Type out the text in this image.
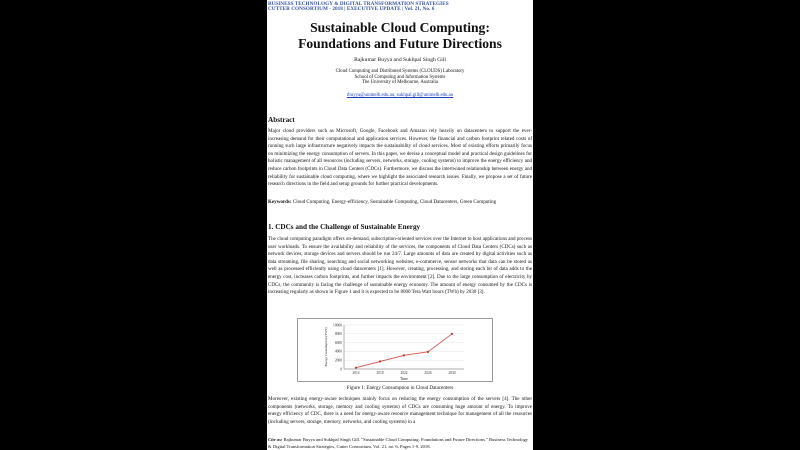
BUSINESS TECHNOLOGY & DIGITAL TRANSFORMATION STRATEGIES
CUTTER CONSORTIUM - 2018 | EXECUTIVE UPDATE | Vol. 21, No. 6
Sustainable Cloud Computing:
Foundations and Future Directions
Rajkumar Buyya and Sukhpal Singh Gill
Cloud Computing and Distributed Systems (CLOUDS) Laboratory
School of Computing and Information Systems
The University of Melbourne, Australia
rbuyya@unimelb.edu.au; sukhpal.gill@unimelb.edu.au
Abstract
Major cloud providers such as Microsoft, Google, Facebook and Amazon rely heavily on datacenters to support the ever-increasing demand for their computational and application services. However, the financial and carbon footprint related costs of running such large infrastructure negatively impacts the sustainability of cloud services. Most of existing efforts primarily focus on minimizing the energy consumption of servers. In this paper, we devise a conceptual model and practical design guidelines for holistic management of all resources (including servers, networks, storage, cooling systems) to improve the energy efficiency and reduce carbon footprints in Cloud Data Centers (CDCs). Furthermore, we discuss the intertwined relationship between energy and reliability for sustainable cloud computing, where we highlight the associated research issues. Finally, we propose a set of future research directions in the field and setup grounds for further practical developments.
Keywords: Cloud Computing, Energy-efficiency, Sustainable Computing, Cloud Datacenters, Green Computing
1. CDCs and the Challenge of Sustainable Energy
The cloud computing paradigm offers on-demand, subscription-oriented services over the Internet to host applications and process user workloads. To ensure the availability and reliability of the services, the components of Cloud Data Centers (CDCs) such as network devices, storage devices and servers should be run 24/7. Large amounts of data are created by digital activities such as data streaming, file sharing, searching and social networking websites, e-commerce, sensor networks that data can be stored as well as processed efficiently using cloud datacenters [1]. However, creating, processing, and storing each bit of data adds to the energy cost, increases carbon footprints, and further impacts the environment [2]. Due to the large consumption of electricity by CDCs, the community is facing the challenge of sustainable energy economy. The amount of energy consumed by the CDCs is increasing regularly as shown in Figure 1 and it is expected to be 8000 Tera Watt hours (TWh) by 2030 [3].
0
2000
4000
6000
8000
10000
2014	2018	2022	2026	2030
Time
Energy Consumption (TWh)
Figure 1: Energy Consumption in Cloud Datacenters
Moreover, existing energy-aware techniques mainly focus on reducing the energy consumption of the servers [4]. The other components (networks, storage, memory and cooling systems) of CDCs are consuming huge amount of energy. To improve energy efficiency of CDC, there is a need for energy-aware resource management technique for management of all the resources (including servers, storage, memory, networks, and cooling systems) in a
Cite as: Rajkumar Buyya and Sukhpal Singh Gill. "Sustainable Cloud Computing: Foundations and Future Directions." Business Technology & Digital Transformation Strategies, Cutter Consortium, Vol. 21, no. 6, Pages 1-9, 2018.
